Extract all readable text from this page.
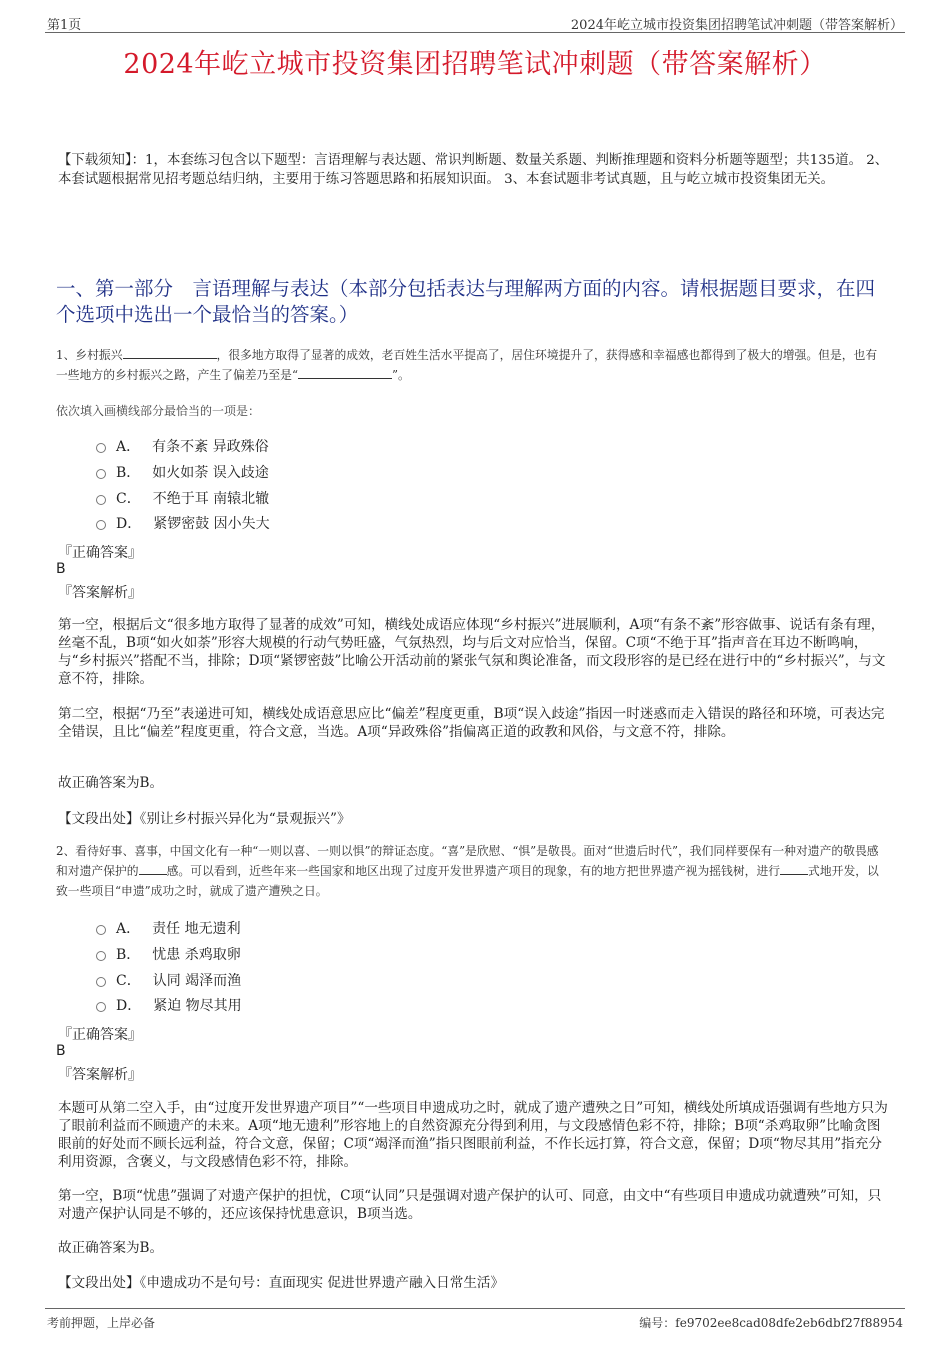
第1页	2024年屹立城市投资集团招聘笔试冲刺题（带答案解析）
2024年屹立城市投资集团招聘笔试冲刺题（带答案解析）
【下载须知】：1，本套练习包含以下题型：言语理解与表达题、常识判断题、数量关系题、判断推理题和资料分析题等题型；共135道。 2、本套试题根据常见招考题总结归纳，主要用于练习答题思路和拓展知识面。 3、本套试题非考试真题，且与屹立城市投资集团无关。
一、第一部分　言语理解与表达（本部分包括表达与理解两方面的内容。请根据题目要求，在四个选项中选出一个最恰当的答案。）
1、乡村振兴	，很多地方取得了显著的成效，老百姓生活水平提高了，居住环境提升了，获得感和幸福感也都得到了极大的增强。但是，也有一些地方的乡村振兴之路，产生了偏差乃至是“	”。
依次填入画横线部分最恰当的一项是：
A． 有条不紊 异政殊俗
B． 如火如荼 误入歧途
C． 不绝于耳 南辕北辙
D． 紧锣密鼓 因小失大
『正确答案』
B
『答案解析』
第一空，根据后文“很多地方取得了显著的成效”可知，横线处成语应体现“乡村振兴”进展顺利，A项“有条不紊”形容做事、说话有条有理，丝毫不乱，B项“如火如荼”形容大规模的行动气势旺盛，气氛热烈，均与后文对应恰当，保留。C项“不绝于耳”指声音在耳边不断鸣响，与“乡村振兴”搭配不当，排除；D项“紧锣密鼓”比喻公开活动前的紧张气氛和舆论准备，而文段形容的是已经在进行中的“乡村振兴”，与文意不符，排除。
第二空，根据“乃至”表递进可知，横线处成语意思应比“偏差”程度更重，B项“误入歧途”指因一时迷惑而走入错误的路径和环境，可表达完全错误，且比“偏差”程度更重，符合文意，当选。A项“异政殊俗”指偏离正道的政教和风俗，与文意不符，排除。
故正确答案为B。
【文段出处】《别让乡村振兴异化为“景观振兴”》
2、看待好事、喜事，中国文化有一种“一则以喜、一则以惧”的辩证态度。“喜”是欣慰、“惧”是敬畏。面对“世遗后时代”，我们同样要保有一种对遗产的敬畏感和对遗产保护的 感。可以看到，近些年来一些国家和地区出现了过度开发世界遗产项目的现象，有的地方把世界遗产视为摇钱树，进行 式地开发，以致一些项目“申遗”成功之时，就成了遗产遭殃之日。
A． 责任 地无遗利
B． 忧患 杀鸡取卵
C． 认同 竭泽而渔
D． 紧迫 物尽其用
『正确答案』
B
『答案解析』
本题可从第二空入手，由“过度开发世界遗产项目”“一些项目申遗成功之时，就成了遗产遭殃之日”可知，横线处所填成语强调有些地方只为了眼前利益而不顾遗产的未来。A项“地无遗利”形容地上的自然资源充分得到利用，与文段感情色彩不符，排除；B项“杀鸡取卵”比喻贪图眼前的好处而不顾长远利益，符合文意，保留；C项“竭泽而渔”指只图眼前利益，不作长远打算，符合文意，保留；D项“物尽其用”指充分利用资源，含褒义，与文段感情色彩不符，排除。
第一空，B项“忧患”强调了对遗产保护的担忧，C项“认同”只是强调对遗产保护的认可、同意，由文中“有些项目申遗成功就遭殃”可知，只对遗产保护认同是不够的，还应该保持忧患意识，B项当选。
故正确答案为B。
【文段出处】《申遗成功不是句号：直面现实 促进世界遗产融入日常生活》
考前押题，上岸必备	编号：fe9702ee8cad08dfe2eb6dbf27f88954
